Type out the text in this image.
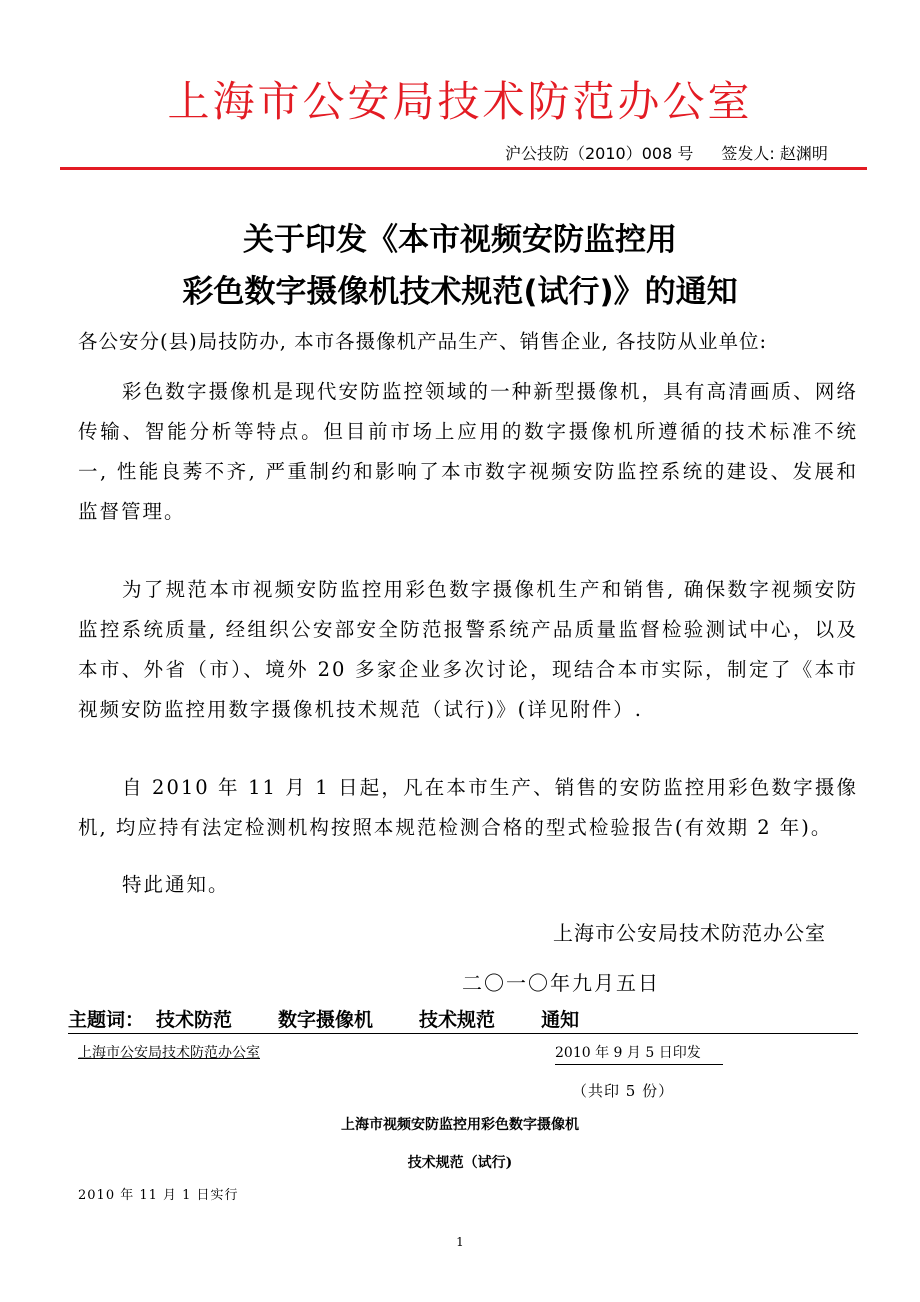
上海市公安局技术防范办公室
沪公技防（2010）008 号 签发人: 赵渊明
关于印发《本市视频安防监控用
彩色数字摄像机技术规范(试行)》的通知
各公安分(县)局技防办, 本市各摄像机产品生产、销售企业, 各技防从业单位:
彩色数字摄像机是现代安防监控领域的一种新型摄像机，具有高清画质、网络传输、智能分析等特点。但目前市场上应用的数字摄像机所遵循的技术标准不统一, 性能良莠不齐, 严重制约和影响了本市数字视频安防监控系统的建设、发展和监督管理。
为了规范本市视频安防监控用彩色数字摄像机生产和销售, 确保数字视频安防监控系统质量, 经组织公安部安全防范报警系统产品质量监督检验测试中心，以及本市、外省（市）、境外 20 多家企业多次讨论，现结合本市实际，制定了《本市视频安防监控用数字摄像机技术规范（试行)》(详见附件）.
自 2010 年 11 月 1 日起，凡在本市生产、销售的安防监控用彩色数字摄像机, 均应持有法定检测机构按照本规范检测合格的型式检验报告(有效期 2 年)。
特此通知。
上海市公安局技术防范办公室
二〇一〇年九月五日
主题词： 技术防范 数字摄像机 技术规范 通知
上海市公安局技术防范办公室	2010 年 9 月 5 日印发
（共印 5 份）
上海市视频安防监控用彩色数字摄像机
技术规范（试行)
2010 年 11 月 1 日实行
1
